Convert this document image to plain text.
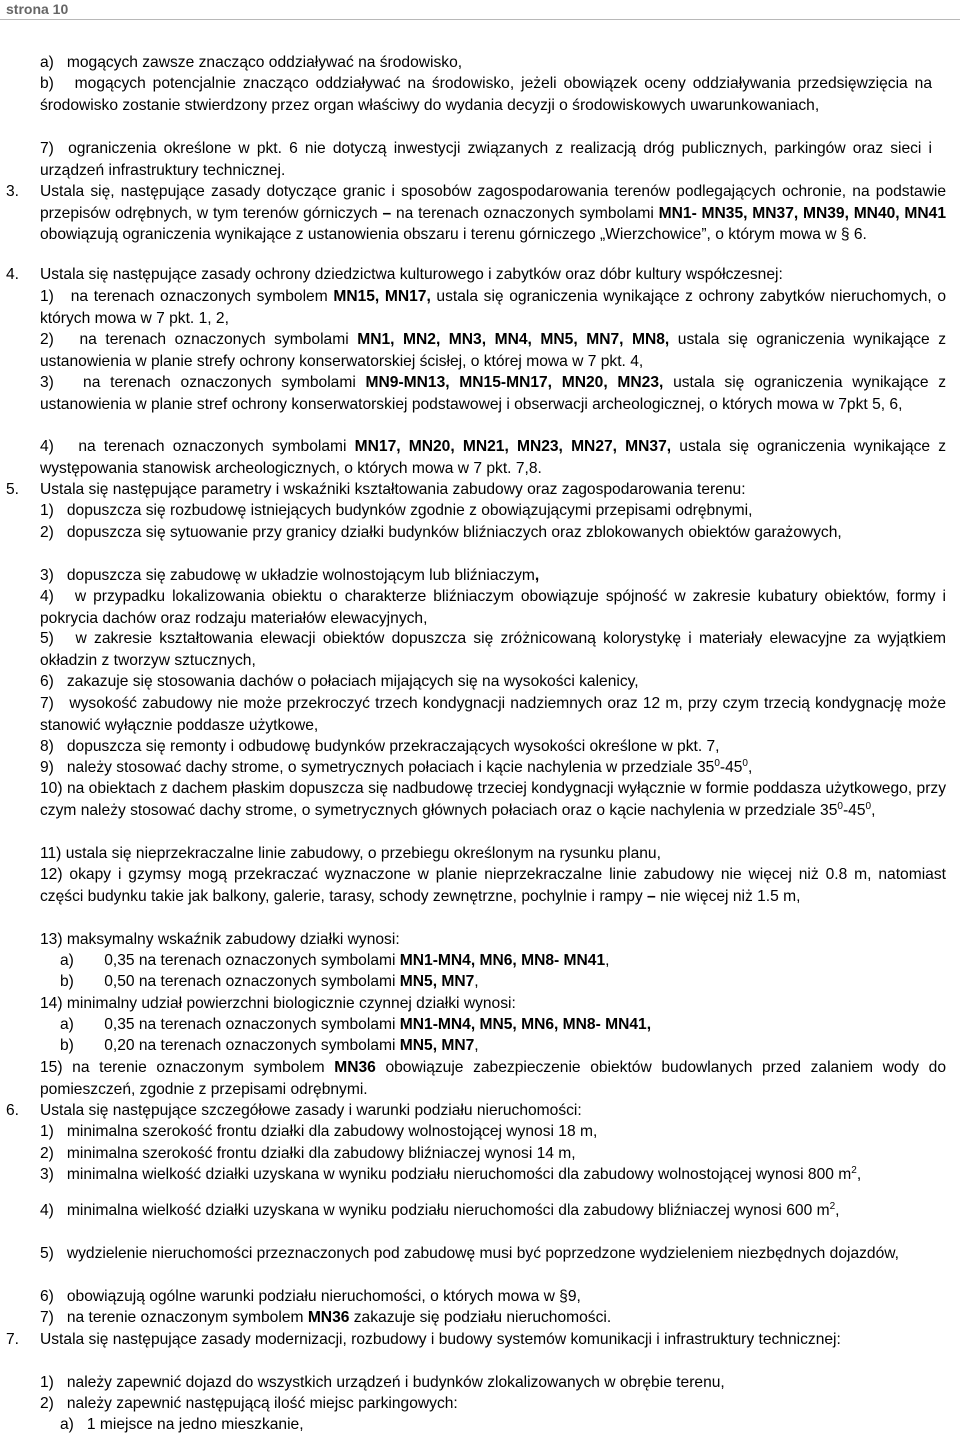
strona 10
a)   mogących zawsze znacząco oddziaływać na środowisko,
b)   mogących potencjalnie znacząco oddziaływać na środowisko, jeżeli obowiązek oceny oddziaływania przedsięwzięcia na środowisko zostanie stwierdzony przez organ właściwy do wydania decyzji o środowiskowych uwarunkowaniach,
7)  ograniczenia określone w pkt. 6 nie dotyczą inwestycji związanych z realizacją dróg publicznych, parkingów oraz sieci i urządzeń infrastruktury technicznej.
3. Ustala się, następujące zasady dotyczące granic i sposobów zagospodarowania terenów podlegających ochronie, na podstawie przepisów odrębnych, w tym terenów górniczych – na terenach oznaczonych symbolami MN1- MN35, MN37, MN39, MN40, MN41 obowiązują ograniczenia wynikające z ustanowienia obszaru i terenu górniczego „Wierzchowice”, o którym mowa w § 6.
4. Ustala się następujące zasady ochrony dziedzictwa kulturowego i zabytków oraz dóbr kultury współczesnej:
1)   na terenach oznaczonych symbolem MN15, MN17, ustala się ograniczenia wynikające z ochrony zabytków nieruchomych, o których mowa w 7 pkt. 1, 2,
2)   na terenach oznaczonych symbolami MN1, MN2, MN3, MN4, MN5, MN7, MN8, ustala się ograniczenia wynikające z ustanowienia w planie strefy ochrony konserwatorskiej ścisłej, o której mowa w 7 pkt. 4,
3)   na terenach oznaczonych symbolami MN9-MN13, MN15-MN17, MN20, MN23, ustala się ograniczenia wynikające z ustanowienia w planie stref ochrony konserwatorskiej podstawowej i obserwacji archeologicznej, o których mowa w 7pkt 5, 6,
4)   na terenach oznaczonych symbolami MN17, MN20, MN21, MN23, MN27, MN37, ustala się ograniczenia wynikające z występowania stanowisk archeologicznych, o których mowa w 7 pkt. 7,8.
5. Ustala się następujące parametry i wskaźniki kształtowania zabudowy oraz zagospodarowania terenu:
1)   dopuszcza się rozbudowę istniejących budynków zgodnie z obowiązującymi przepisami odrębnymi,
2)   dopuszcza się sytuowanie przy granicy działki budynków bliźniaczych oraz zblokowanych obiektów garażowych,
3)   dopuszcza się zabudowę w układzie wolnostojącym lub bliźniaczym,
4)   w przypadku lokalizowania obiektu o charakterze bliźniaczym obowiązuje spójność w zakresie kubatury obiektów, formy i pokrycia dachów oraz rodzaju materiałów elewacyjnych,
5)   w zakresie kształtowania elewacji obiektów dopuszcza się zróżnicowaną kolorystykę i materiały elewacyjne za wyjątkiem okładzin z tworzyw sztucznych,
6)   zakazuje się stosowania dachów o połaciach mijających się na wysokości kalenicy,
7)   wysokość zabudowy nie może przekroczyć trzech kondygnacji nadziemnych oraz 12 m, przy czym trzecią kondygnację może stanowić wyłącznie poddasze użytkowe,
8)   dopuszcza się remonty i odbudowę budynków przekraczających wysokości określone w pkt. 7,
9)   należy stosować dachy strome, o symetrycznych połaciach i kącie nachylenia w przedziale $35^0-45^0$,
10) na obiektach z dachem płaskim dopuszcza się nadbudowę trzeciej kondygnacji wyłącznie w formie poddasza użytkowego, przy czym należy stosować dachy strome, o symetrycznych głównych połaciach oraz o kącie nachylenia w przedziale $35^0-45^0$,
11) ustala się nieprzekraczalne linie zabudowy, o przebiegu określonym na rysunku planu,
12) okapy i gzymsy mogą przekraczać wyznaczone w planie nieprzekraczalne linie zabudowy nie więcej niż 0.8 m, natomiast części budynku takie jak balkony, galerie, tarasy, schody zewnętrzne, pochylnie i rampy – nie więcej niż 1.5 m,
13) maksymalny wskaźnik zabudowy działki wynosi:
a)       0,35 na terenach oznaczonych symbolami MN1-MN4, MN6, MN8- MN41,
b)       0,50 na terenach oznaczonych symbolami MN5, MN7,
14) minimalny udział powierzchni biologicznie czynnej działki wynosi:
a)       0,35 na terenach oznaczonych symbolami MN1-MN4, MN5, MN6, MN8- MN41,
b)       0,20 na terenach oznaczonych symbolami MN5, MN7,
15) na terenie oznaczonym symbolem MN36 obowiązuje zabezpieczenie obiektów budowlanych przed zalaniem wody do pomieszczeń, zgodnie z przepisami odrębnymi.
6. Ustala się następujące szczegółowe zasady i warunki podziału nieruchomości:
1)   minimalna szerokość frontu działki dla zabudowy wolnostojącej wynosi 18 m,
2)   minimalna szerokość frontu działki dla zabudowy bliźniaczej wynosi 14 m,
3)   minimalna wielkość działki uzyskana w wyniku podziału nieruchomości dla zabudowy wolnostojącej wynosi 800 $m^2$,
4)   minimalna wielkość działki uzyskana w wyniku podziału nieruchomości dla zabudowy bliźniaczej wynosi 600 $m^2$,
5)   wydzielenie nieruchomości przeznaczonych pod zabudowę musi być poprzedzone wydzieleniem niezbędnych dojazdów,
6)   obowiązują ogólne warunki podziału nieruchomości, o których mowa w §9,
7)   na terenie oznaczonym symbolem MN36 zakazuje się podziału nieruchomości.
7. Ustala się następujące zasady modernizacji, rozbudowy i budowy systemów komunikacji i infrastruktury technicznej:
1)   należy zapewnić dojazd do wszystkich urządzeń i budynków zlokalizowanych w obrębie terenu,
2)   należy zapewnić następującą ilość miejsc parkingowych:
a)   1 miejsce na jedno mieszkanie,
